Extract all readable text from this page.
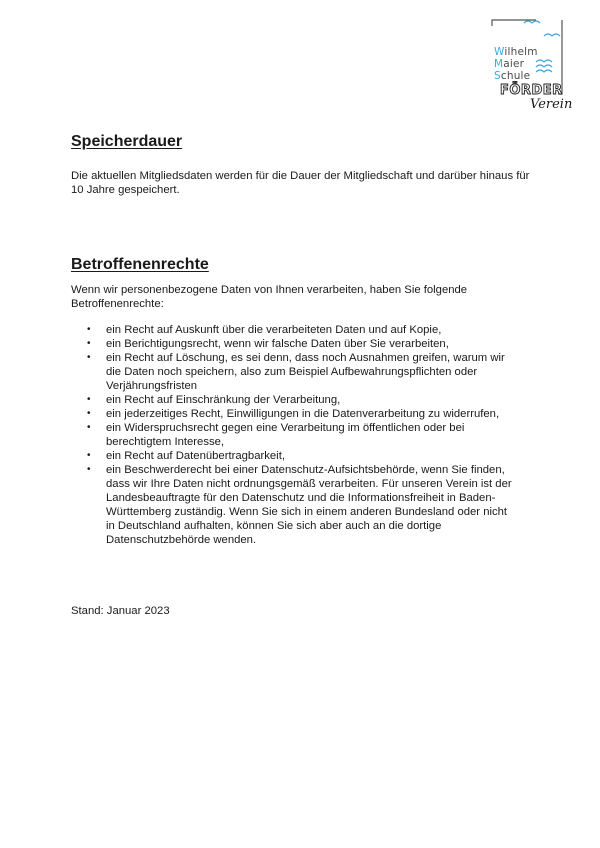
Wilhelm
Maier
Schule
FÖRDER
Verein
Speicherdauer

Die aktuellen Mitgliedsdaten werden für die Dauer der Mitgliedschaft und darüber hinaus für 10 Jahre gespeichert.

Betroffenenrechte

Wenn wir personenbezogene Daten von Ihnen verarbeiten, haben Sie folgende Betroffenenrechte:

• ein Recht auf Auskunft über die verarbeiteten Daten und auf Kopie,
• ein Berichtigungsrecht, wenn wir falsche Daten über Sie verarbeiten,
• ein Recht auf Löschung, es sei denn, dass noch Ausnahmen greifen, warum wir die Daten noch speichern, also zum Beispiel Aufbewahrungspflichten oder Verjährungsfristen
• ein Recht auf Einschränkung der Verarbeitung,
• ein jederzeitiges Recht, Einwilligungen in die Datenverarbeitung zu widerrufen,
• ein Widerspruchsrecht gegen eine Verarbeitung im öffentlichen oder bei berechtigtem Interesse,
• ein Recht auf Datenübertragbarkeit,
• ein Beschwerderecht bei einer Datenschutz-Aufsichtsbehörde, wenn Sie finden, dass wir Ihre Daten nicht ordnungsgemäß verarbeiten. Für unseren Verein ist der Landesbeauftragte für den Datenschutz und die Informationsfreiheit in Baden-Württemberg zuständig. Wenn Sie sich in einem anderen Bundesland oder nicht in Deutschland aufhalten, können Sie sich aber auch an die dortige Datenschutzbehörde wenden.

Stand: Januar 2023
